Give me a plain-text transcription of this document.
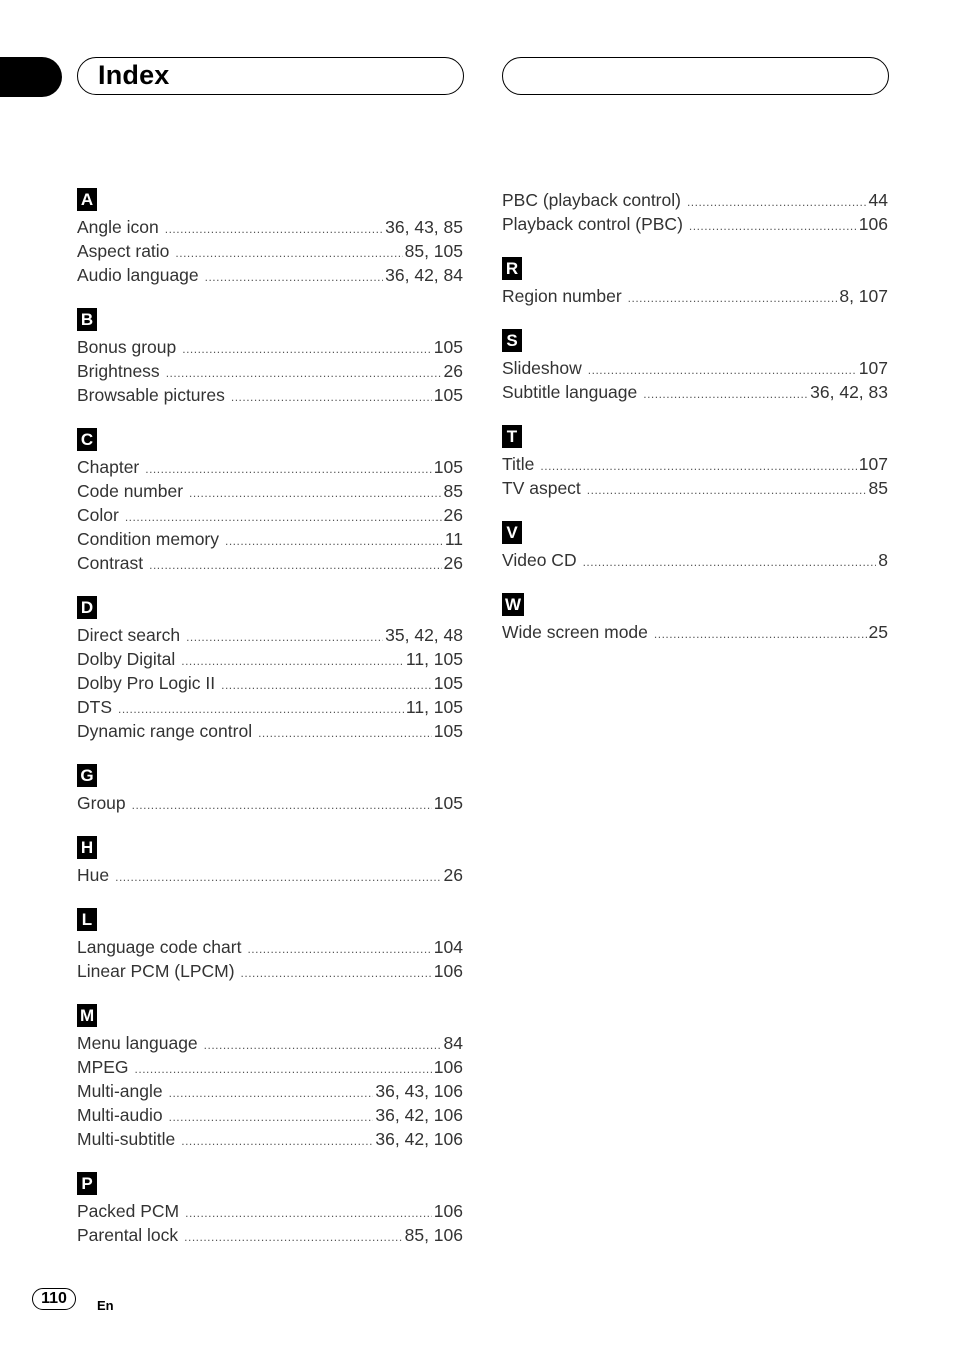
Index
A
Angle icon .....	36, 43, 85
Aspect ratio .....	85, 105
Audio language .....	36, 42, 84
B
Bonus group .....	105
Brightness .....	26
Browsable pictures .....	105
C
Chapter .....	105
Code number .....	85
Color .....	26
Condition memory .....	11
Contrast .....	26
D
Direct search .....	35, 42, 48
Dolby Digital .....	11, 105
Dolby Pro Logic II .....	105
DTS .....	11, 105
Dynamic range control .....	105
G
Group .....	105
H
Hue .....	26
L
Language code chart .....	104
Linear PCM (LPCM) .....	106
M
Menu language .....	84
MPEG .....	106
Multi-angle .....	36, 43, 106
Multi-audio .....	36, 42, 106
Multi-subtitle .....	36, 42, 106
P
Packed PCM .....	106
Parental lock .....	85, 106
PBC (playback control) .....	44
Playback control (PBC) .....	106
R
Region number .....	8, 107
S
Slideshow .....	107
Subtitle language .....	36, 42, 83
T
Title .....	107
TV aspect .....	85
V
Video CD .....	8
W
Wide screen mode .....	25
110	En
